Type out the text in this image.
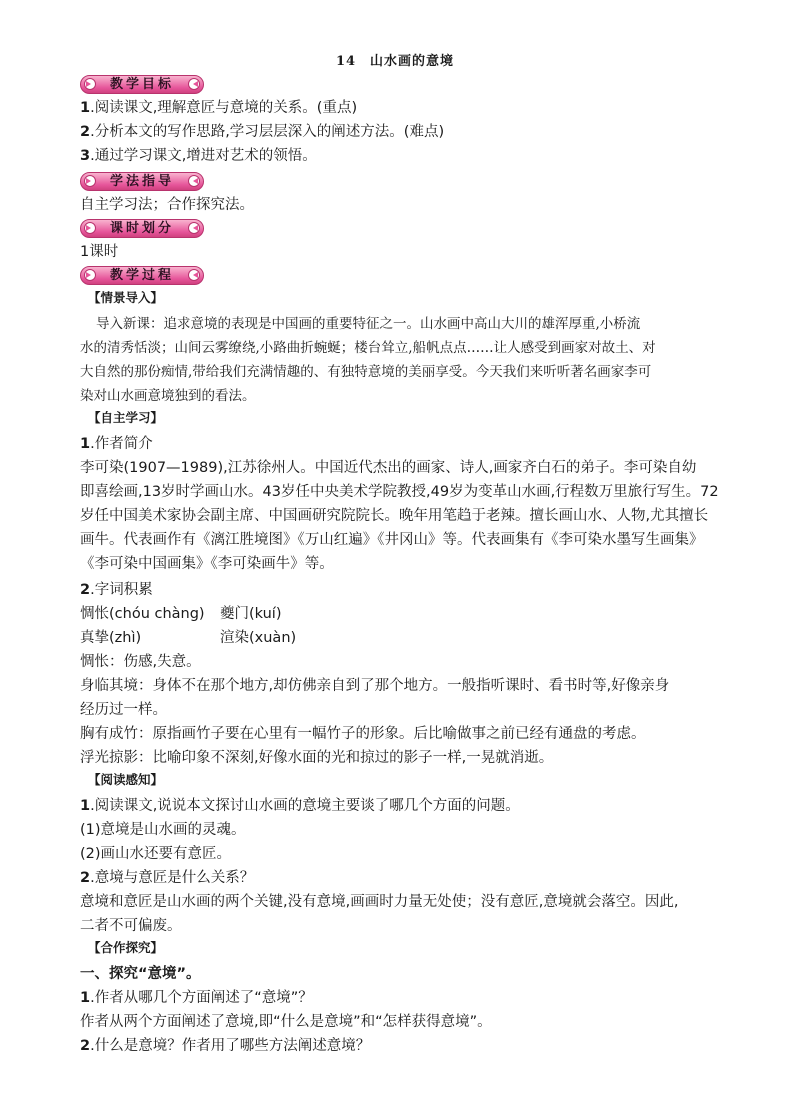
14 山水画的意境
教学目标
1.阅读课文,理解意匠与意境的关系。(重点)
2.分析本文的写作思路,学习层层深入的阐述方法。(难点)
3.通过学习课文,增进对艺术的领悟。
学法指导
自主学习法；合作探究法。
课时划分
1课时
教学过程
【情景导入】
导入新课：追求意境的表现是中国画的重要特征之一。山水画中高山大川的雄浑厚重,小桥流
水的清秀恬淡；山间云雾缭绕,小路曲折蜿蜒；楼台耸立,船帆点点……让人感受到画家对故土、对
大自然的那份痴情,带给我们充满情趣的、有独特意境的美丽享受。今天我们来听听著名画家李可
染对山水画意境独到的看法。
【自主学习】
1.作者简介
李可染(1907—1989),江苏徐州人。中国近代杰出的画家、诗人,画家齐白石的弟子。李可染自幼
即喜绘画,13岁时学画山水。43岁任中央美术学院教授,49岁为变革山水画,行程数万里旅行写生。72
岁任中国美术家协会副主席、中国画研究院院长。晚年用笔趋于老辣。擅长画山水、人物,尤其擅长
画牛。代表画作有《漓江胜境图》《万山红遍》《井冈山》等。代表画集有《李可染水墨写生画集》
《李可染中国画集》《李可染画牛》等。
2.字词积累
惆怅(chóu chàng) 夔门(kuí)
真挚(zhì)	渲染(xuàn)
惆怅：伤感,失意。
身临其境：身体不在那个地方,却仿佛亲自到了那个地方。一般指听课时、看书时等,好像亲身
经历过一样。
胸有成竹：原指画竹子要在心里有一幅竹子的形象。后比喻做事之前已经有通盘的考虑。
浮光掠影：比喻印象不深刻,好像水面的光和掠过的影子一样,一晃就消逝。
【阅读感知】
1.阅读课文,说说本文探讨山水画的意境主要谈了哪几个方面的问题。
(1)意境是山水画的灵魂。
(2)画山水还要有意匠。
2.意境与意匠是什么关系？
意境和意匠是山水画的两个关键,没有意境,画画时力量无处使；没有意匠,意境就会落空。因此,
二者不可偏废。
【合作探究】
一、探究“意境”。
1.作者从哪几个方面阐述了“意境”？
作者从两个方面阐述了意境,即“什么是意境”和“怎样获得意境”。
2.什么是意境？作者用了哪些方法阐述意境？
